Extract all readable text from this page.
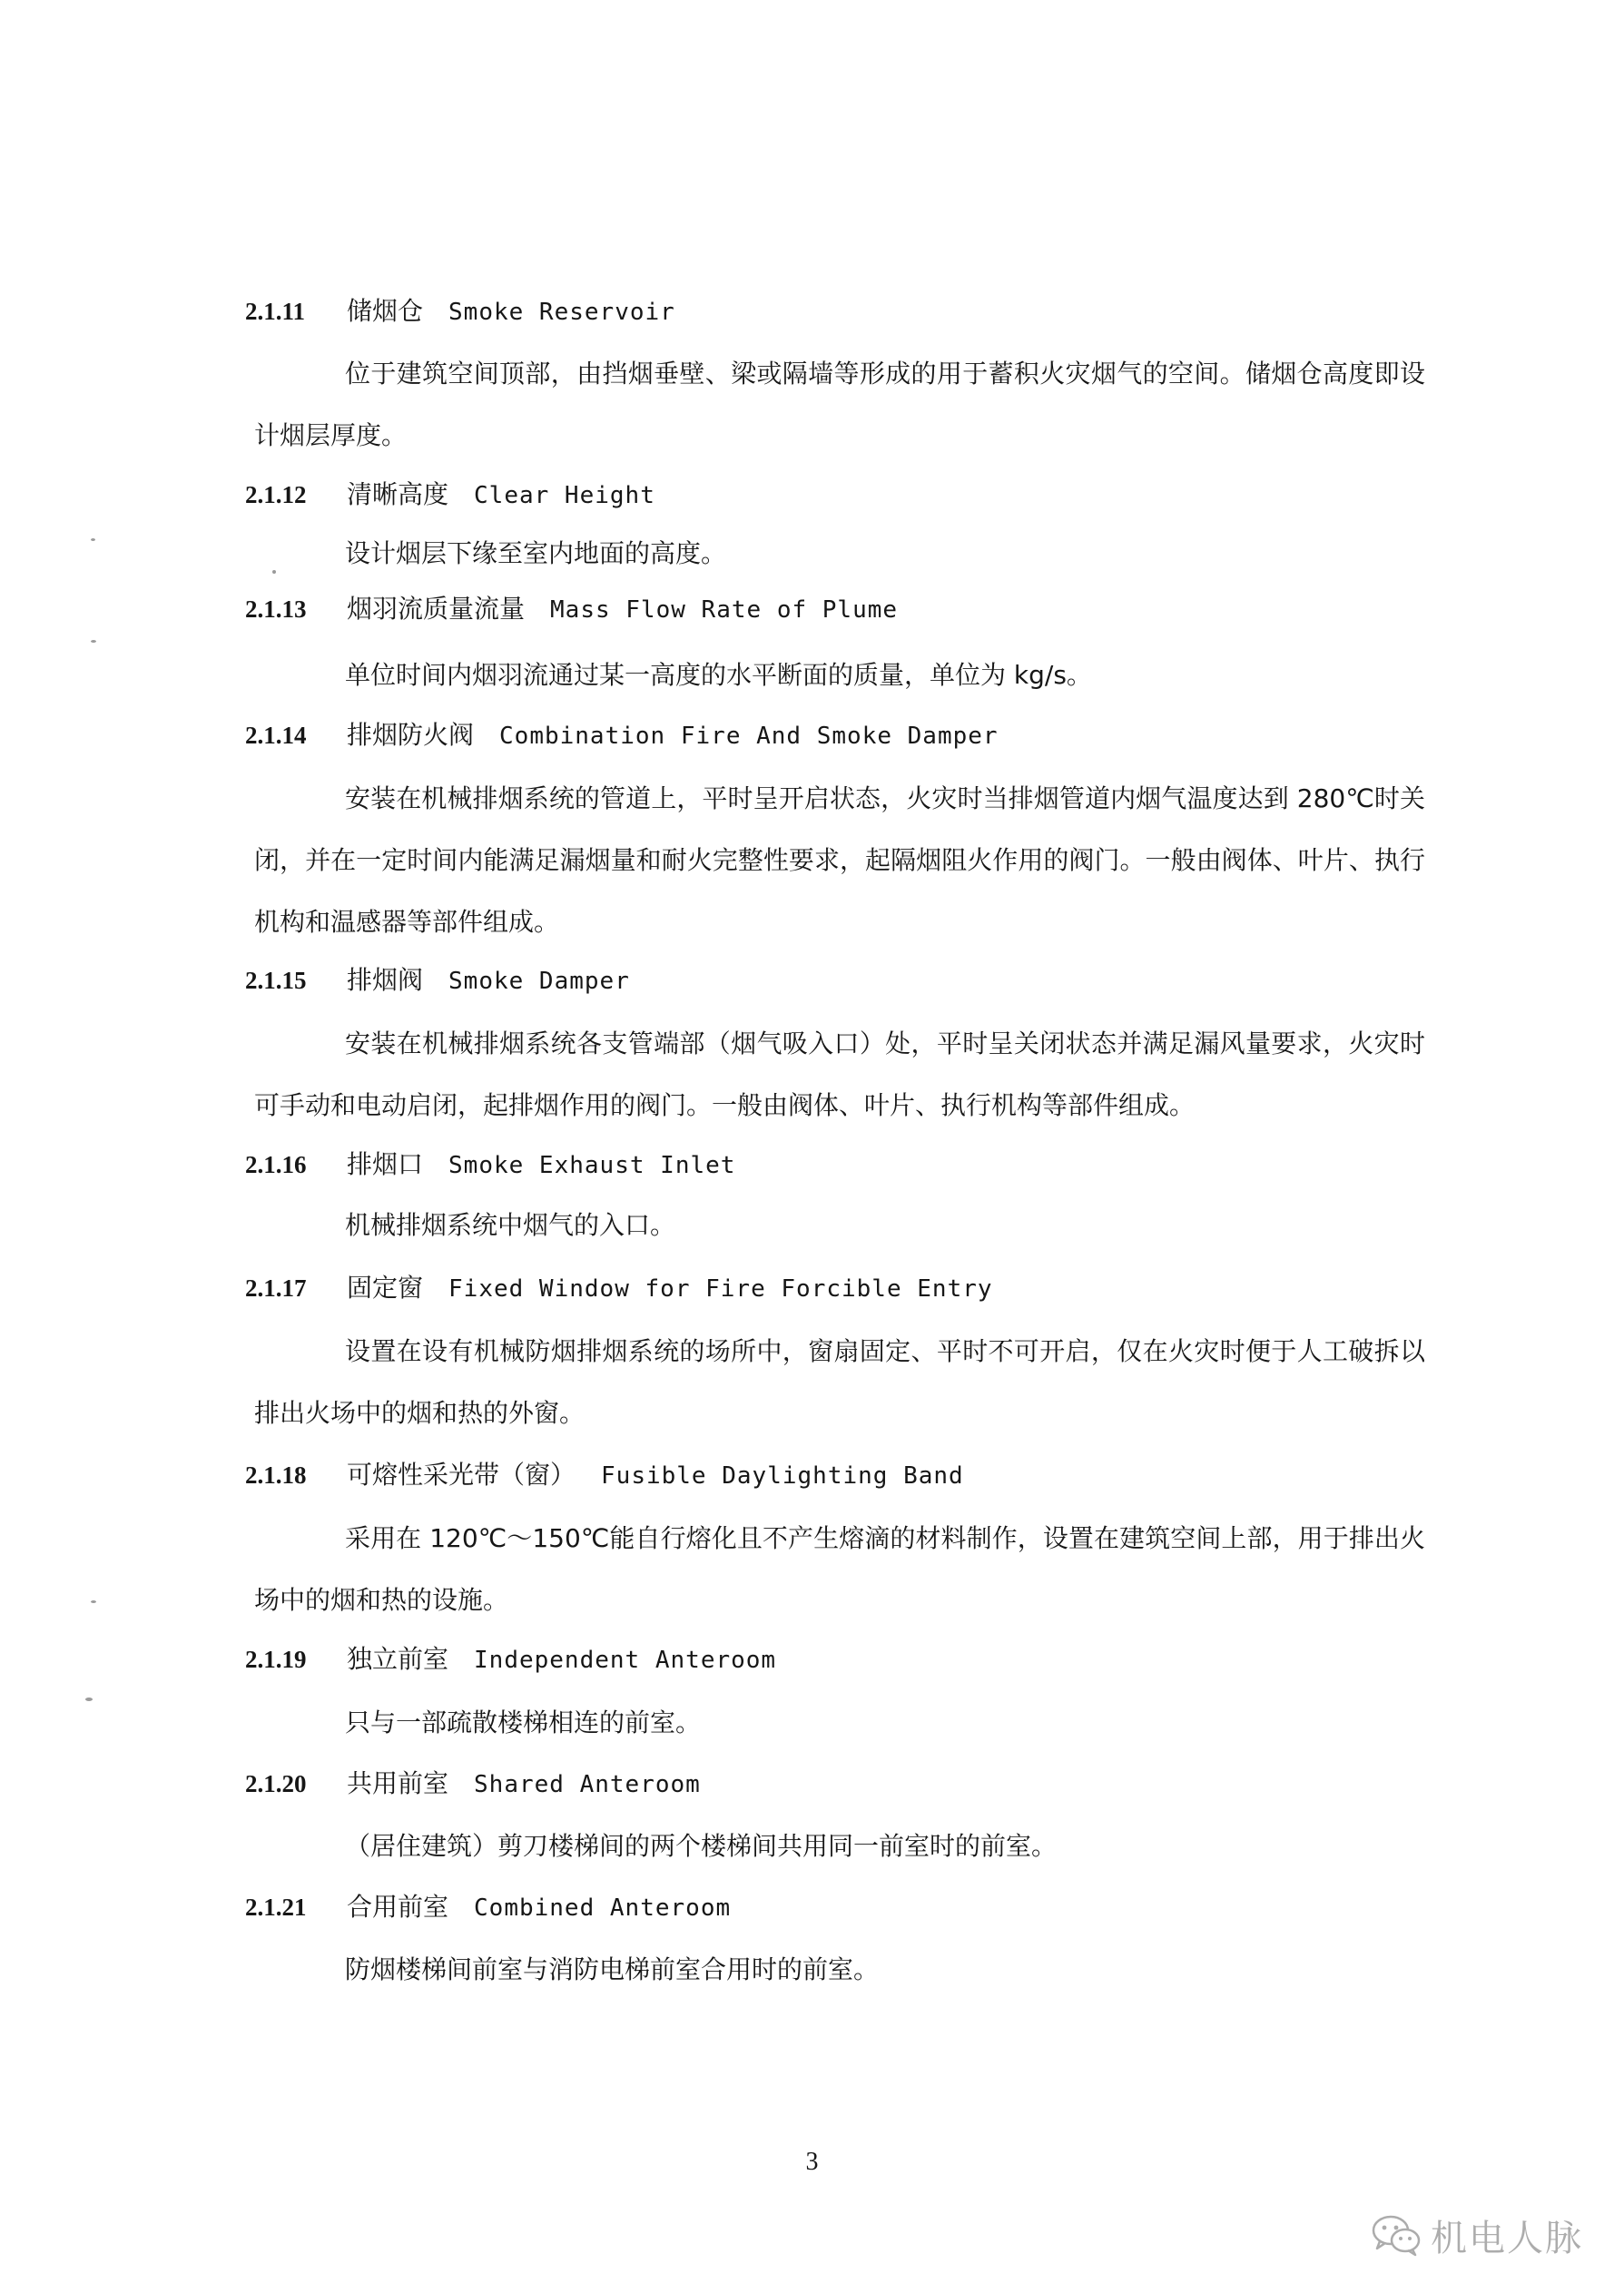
2.1.11 储烟仓 Smoke Reservoir
位于建筑空间顶部，由挡烟垂壁、梁或隔墙等形成的用于蓄积火灾烟气的空间。储烟仓高度即设计烟层厚度。
2.1.12 清晰高度 Clear Height
设计烟层下缘至室内地面的高度。
2.1.13 烟羽流质量流量 Mass Flow Rate of Plume
单位时间内烟羽流通过某一高度的水平断面的质量，单位为 kg/s。
2.1.14 排烟防火阀 Combination Fire And Smoke Damper
安装在机械排烟系统的管道上，平时呈开启状态，火灾时当排烟管道内烟气温度达到 280℃时关闭，并在一定时间内能满足漏烟量和耐火完整性要求，起隔烟阻火作用的阀门。一般由阀体、叶片、执行机构和温感器等部件组成。
2.1.15 排烟阀 Smoke Damper
安装在机械排烟系统各支管端部（烟气吸入口）处，平时呈关闭状态并满足漏风量要求，火灾时可手动和电动启闭，起排烟作用的阀门。一般由阀体、叶片、执行机构等部件组成。
2.1.16 排烟口 Smoke Exhaust Inlet
机械排烟系统中烟气的入口。
2.1.17 固定窗 Fixed Window for Fire Forcible Entry
设置在设有机械防烟排烟系统的场所中，窗扇固定、平时不可开启，仅在火灾时便于人工破拆以排出火场中的烟和热的外窗。
2.1.18 可熔性采光带（窗） Fusible Daylighting Band
采用在 120℃～150℃能自行熔化且不产生熔滴的材料制作，设置在建筑空间上部，用于排出火场中的烟和热的设施。
2.1.19 独立前室 Independent Anteroom
只与一部疏散楼梯相连的前室。
2.1.20 共用前室 Shared Anteroom
（居住建筑）剪刀楼梯间的两个楼梯间共用同一前室时的前室。
2.1.21 合用前室 Combined Anteroom
防烟楼梯间前室与消防电梯前室合用时的前室。
3
机电人脉
